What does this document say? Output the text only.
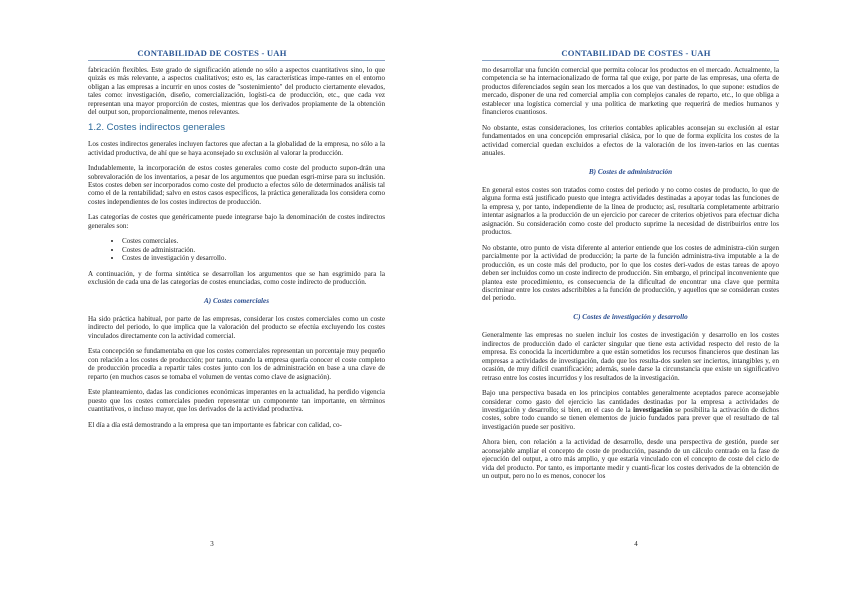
CONTABILIDAD DE COSTES - UAH

fabricación flexibles. Este grado de significación atiende no sólo a aspectos cuantitativos sino, lo que quizás es más relevante, a aspectos cualitativos; esto es, las características impe-rantes en el entorno obligan a las empresas a incurrir en unos costes de "sostenimiento" del producto ciertamente elevados, tales como: investigación, diseño, comercialización, logísti-ca de producción, etc., que cada vez representan una mayor proporción de costes, mientras que los derivados propiamente de la obtención del output son, proporcionalmente, menos relevantes.

1.2. Costes indirectos generales

Los costes indirectos generales incluyen factores que afectan a la globalidad de la empresa, no sólo a la actividad productiva, de ahí que se haya aconsejado su exclusión al valorar la producción.

Indudablemente, la incorporación de estos costes generales como coste del producto supon-drán una sobrevaloración de los inventarios, a pesar de los argumentos que puedan esgri-mirse para su inclusión. Estos costes deben ser incorporados como coste del producto a efectos sólo de determinados análisis tal como el de la rentabilidad; salvo en estos casos específicos, la práctica generalizada los considera como costes independientes de los costes indirectos de producción.

Las categorías de costes que genéricamente puede integrarse bajo la denominación de costes indirectos generales son:

• Costes comerciales.
• Costes de administración.
• Costes de investigación y desarrollo.

A continuación, y de forma sintética se desarrollan los argumentos que se han esgrimido para la exclusión de cada una de las categorías de costes enunciadas, como coste indirecto de producción.

A) Costes comerciales

Ha sido práctica habitual, por parte de las empresas, considerar los costes comerciales como un coste indirecto del periodo, lo que implica que la valoración del producto se efectúa excluyendo los costes vinculados directamente con la actividad comercial.

Esta concepción se fundamentaba en que los costes comerciales representan un porcentaje muy pequeño con relación a los costes de producción; por tanto, cuando la empresa quería conocer el coste completo de producción procedía a repartir tales costes junto con los de administración en base a una clave de reparto (en muchos casos se tomaba el volumen de ventas como clave de asignación).

Este planteamiento, dadas las condiciones económicas imperantes en la actualidad, ha perdido vigencia puesto que los costes comerciales pueden representar un componente tan importante, en términos cuantitativos, o incluso mayor, que los derivados de la actividad productiva.

El día a día está demostrando a la empresa que tan importante es fabricar con calidad, co-

3
CONTABILIDAD DE COSTES - UAH

mo desarrollar una función comercial que permita colocar los productos en el mercado. Actualmente, la competencia se ha internacionalizado de forma tal que exige, por parte de las empresas, una oferta de productos diferenciados según sean los mercados a los que van destinados, lo que supone: estudios de mercado, disponer de una red comercial amplia con complejos canales de reparto, etc., lo que obliga a establecer una logística comercial y una política de marketing que requerirá de medios humanos y financieros cuantiosos.

No obstante, estas consideraciones, los criterios contables aplicables aconsejan su exclusión al estar fundamentados en una concepción empresarial clásica, por lo que de forma explícita los costes de la actividad comercial quedan excluidos a efectos de la valoración de los inven-tarios en las cuentas anuales.

B) Costes de administración

En general estos costes son tratados como costes del periodo y no como costes de producto, lo que de alguna forma está justificado puesto que integra actividades destinadas a apoyar todas las funciones de la empresa y, por tanto, independiente de la línea de producto; así, resultaría completamente arbitrario intentar asignarlos a la producción de un ejercicio por carecer de criterios objetivos para efectuar dicha asignación. Su consideración como coste del producto suprime la necesidad de distribuirlos entre los productos.

No obstante, otro punto de vista diferente al anterior entiende que los costes de administra-ción surgen parcialmente por la actividad de producción; la parte de la función administra-tiva imputable a la de producción, es un coste más del producto, por lo que los costes deri-vados de estas tareas de apoyo deben ser incluidos como un coste indirecto de producción. Sin embargo, el principal inconveniente que plantea este procedimiento, es consecuencia de la dificultad de encontrar una clave que permita discriminar entre los costes adscribibles a la función de producción, y aquellos que se consideran costes del periodo.

C) Costes de investigación y desarrollo

Generalmente las empresas no suelen incluir los costes de investigación y desarrollo en los costes indirectos de producción dado el carácter singular que tiene esta actividad respecto del resto de la empresa. Es conocida la incertidumbre a que están sometidos los recursos financieros que destinan las empresas a actividades de investigación, dado que los resulta-dos suelen ser inciertos, intangibles y, en ocasión, de muy difícil cuantificación; además, suele darse la circunstancia que existe un significativo retraso entre los costes incurridos y los resultados de la investigación.

Bajo una perspectiva basada en los principios contables generalmente aceptados parece aconsejable considerar como gasto del ejercicio las cantidades destinadas por la empresa a actividades de investigación y desarrollo; si bien, en el caso de la investigación se posibilita la activación de dichos costes, sobre todo cuando se tienen elementos de juicio fundados para prever que el resultado de tal investigación puede ser positivo.

Ahora bien, con relación a la actividad de desarrollo, desde una perspectiva de gestión, puede ser aconsejable ampliar el concepto de coste de producción, pasando de un cálculo centrado en la fase de ejecución del output, a otro más amplio, y que estaría vinculado con el concepto de coste del ciclo de vida del producto. Por tanto, es importante medir y cuanti-ficar los costes derivados de la obtención de un output, pero no lo es menos, conocer los

4
